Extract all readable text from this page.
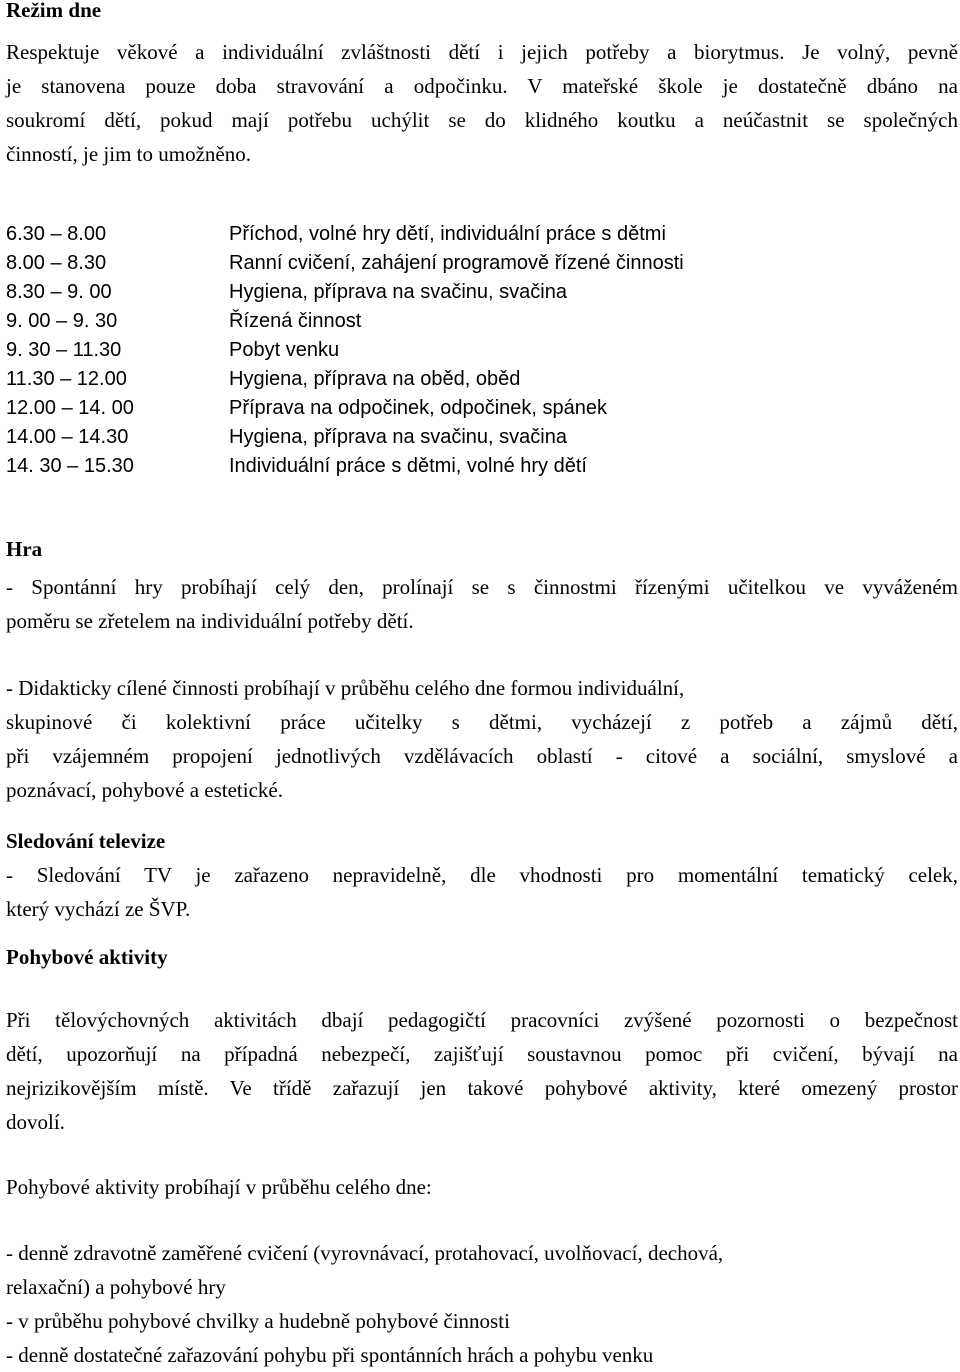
Režim dne

Respektuje věkové a individuální zvláštnosti dětí i jejich potřeby a biorytmus. Je volný, pevně
je stanovena pouze doba stravování a odpočinku. V mateřské škole je dostatečně dbáno na
soukromí dětí, pokud mají potřebu uchýlit se do klidného koutku a neúčastnit se společných
činností, je jim to umožněno.
6.30 – 8.00	Příchod, volné hry dětí, individuální práce s dětmi
8.00 – 8.30	Ranní cvičení, zahájení programově řízené činnosti
8.30 – 9. 00	Hygiena, příprava na svačinu, svačina
9. 00 – 9. 30	Řízená činnost
9. 30 – 11.30	Pobyt venku
11.30 – 12.00	Hygiena, příprava na oběd, oběd
12.00 – 14. 00	Příprava na odpočinek, odpočinek, spánek
14.00 – 14.30	Hygiena, příprava na svačinu, svačina
14. 30 – 15.30	Individuální práce s dětmi, volné hry dětí

Hra

- Spontánní hry probíhají celý den, prolínají se s činnostmi řízenými učitelkou ve vyváženém
poměru se zřetelem na individuální potřeby dětí.
- Didakticky cílené činnosti probíhají v průběhu celého dne formou individuální,
skupinové či kolektivní práce učitelky s dětmi, vycházejí z potřeb a zájmů dětí,
při vzájemném propojení jednotlivých vzdělávacích oblastí - citové a sociální, smyslové a
poznávací, pohybové a estetické.

Sledování televize

- Sledování TV je zařazeno nepravidelně, dle vhodnosti pro momentální tematický celek,
který vychází ze ŠVP.

Pohybové aktivity

Při tělovýchovných aktivitách dbají pedagogičtí pracovníci zvýšené pozornosti o bezpečnost
dětí, upozorňují na případná nebezpečí, zajišťují soustavnou pomoc při cvičení, bývají na
nejrizikovějším místě. Ve třídě zařazují jen takové pohybové aktivity, které omezený prostor
dovolí.
Pohybové aktivity probíhají v průběhu celého dne:
- denně zdravotně zaměřené cvičení (vyrovnávací, protahovací, uvolňovací, dechová,
relaxační) a pohybové hry
- v průběhu pohybové chvilky a hudebně pohybové činnosti
- denně dostatečné zařazování pohybu při spontánních hrách a pohybu venku
